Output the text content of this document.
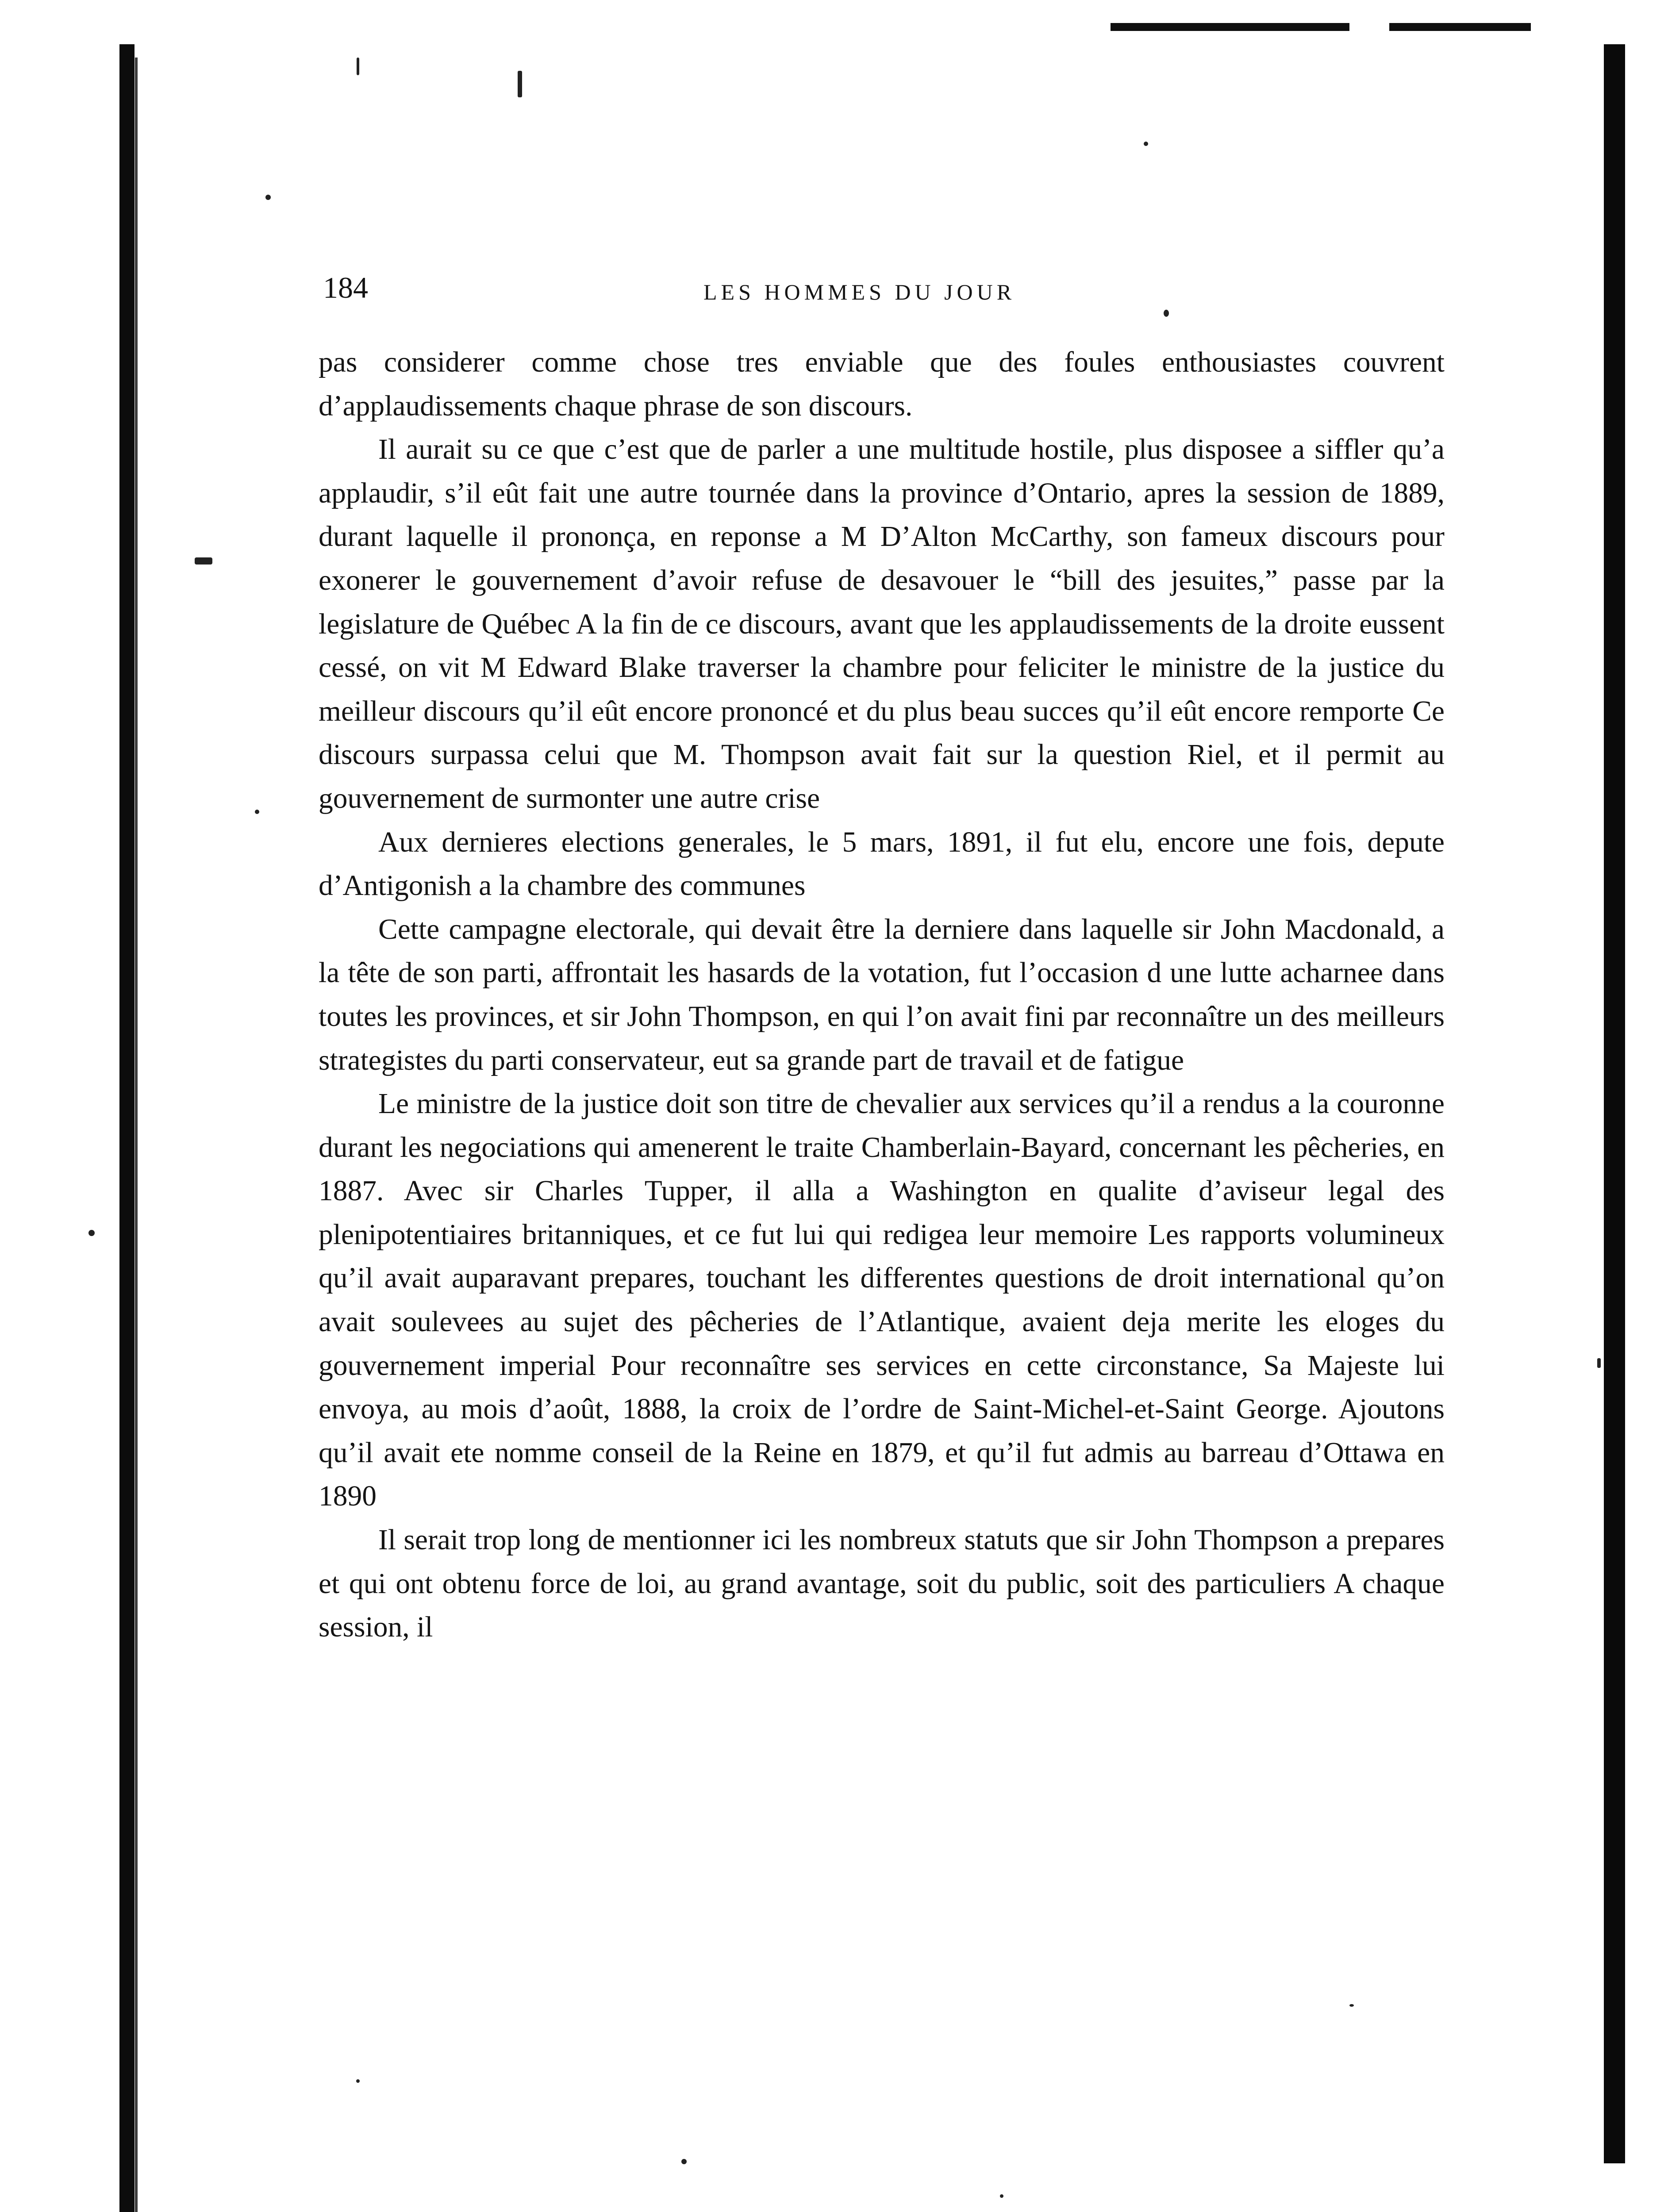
184	LES HOMMES DU JOUR

pas considerer comme chose tres enviable que des foules enthousiastes couvrent d’applaudissements chaque phrase de son discours.

Il aurait su ce que c’est que de parler a une multitude hostile, plus disposee a siffler qu’a applaudir, s’il eût fait une autre tournée dans la province d’Ontario, apres la session de 1889, durant laquelle il prononça, en reponse a M D’Alton McCarthy, son fameux discours pour exonerer le gouvernement d’avoir refuse de desavouer le “bill des jesuites,” passe par la legislature de Québec A la fin de ce discours, avant que les applaudissements de la droite eussent cessé, on vit M Edward Blake traverser la chambre pour feliciter le ministre de la justice du meilleur discours qu’il eût encore prononcé et du plus beau succes qu’il eût encore remporte Ce discours surpassa celui que M. Thompson avait fait sur la question Riel, et il permit au gouvernement de surmonter une autre crise

Aux dernieres elections generales, le 5 mars, 1891, il fut elu, encore une fois, depute d’Antigonish a la chambre des communes

Cette campagne electorale, qui devait être la derniere dans laquelle sir John Macdonald, a la tête de son parti, affrontait les hasards de la votation, fut l’occasion d une lutte acharnee dans toutes les provinces, et sir John Thompson, en qui l’on avait fini par reconnaître un des meilleurs strategistes du parti conservateur, eut sa grande part de travail et de fatigue

Le ministre de la justice doit son titre de chevalier aux services qu’il a rendus a la couronne durant les negociations qui amenerent le traite Chamberlain-Bayard, concernant les pêcheries, en 1887. Avec sir Charles Tupper, il alla a Washington en qualite d’aviseur legal des plenipotentiaires britanniques, et ce fut lui qui redigea leur memoire Les rapports volumineux qu’il avait auparavant prepares, touchant les differentes questions de droit international qu’on avait soulevees au sujet des pêcheries de l’Atlantique, avaient deja merite les eloges du gouvernement imperial Pour reconnaître ses services en cette circonstance, Sa Majeste lui envoya, au mois d’août, 1888, la croix de l’ordre de Saint-Michel-et-Saint George. Ajoutons qu’il avait ete nomme conseil de la Reine en 1879, et qu’il fut admis au barreau d’Ottawa en 1890

Il serait trop long de mentionner ici les nombreux statuts que sir John Thompson a prepares et qui ont obtenu force de loi, au grand avantage, soit du public, soit des particuliers A chaque session, il
